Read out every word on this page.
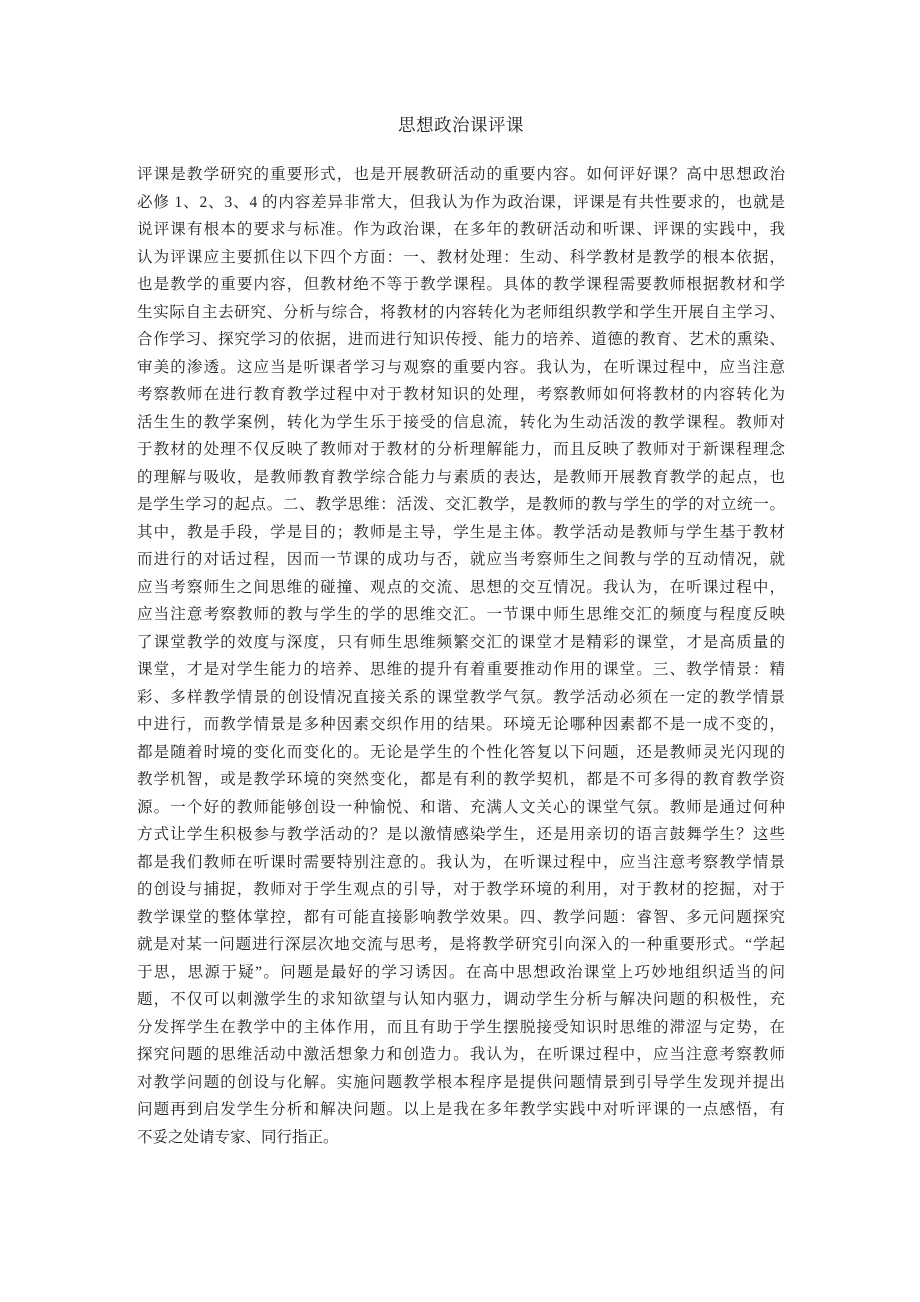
思想政治课评课
评课是教学研究的重要形式，也是开展教研活动的重要内容。如何评好课？高中思想政治
必修 1、2、3、4 的内容差异非常大，但我认为作为政治课，评课是有共性要求的，也就是
说评课有根本的要求与标准。作为政治课，在多年的教研活动和听课、评课的实践中，我
认为评课应主要抓住以下四个方面：一、教材处理：生动、科学教材是教学的根本依据，
也是教学的重要内容，但教材绝不等于教学课程。具体的教学课程需要教师根据教材和学
生实际自主去研究、分析与综合，将教材的内容转化为老师组织教学和学生开展自主学习、
合作学习、探究学习的依据，进而进行知识传授、能力的培养、道德的教育、艺术的熏染、
审美的渗透。这应当是听课者学习与观察的重要内容。我认为，在听课过程中，应当注意
考察教师在进行教育教学过程中对于教材知识的处理，考察教师如何将教材的内容转化为
活生生的教学案例，转化为学生乐于接受的信息流，转化为生动活泼的教学课程。教师对
于教材的处理不仅反映了教师对于教材的分析理解能力，而且反映了教师对于新课程理念
的理解与吸收，是教师教育教学综合能力与素质的表达，是教师开展教育教学的起点，也
是学生学习的起点。二、教学思维：活泼、交汇教学，是教师的教与学生的学的对立统一。
其中，教是手段，学是目的；教师是主导，学生是主体。教学活动是教师与学生基于教材
而进行的对话过程，因而一节课的成功与否，就应当考察师生之间教与学的互动情况，就
应当考察师生之间思维的碰撞、观点的交流、思想的交互情况。我认为，在听课过程中，
应当注意考察教师的教与学生的学的思维交汇。一节课中师生思维交汇的频度与程度反映
了课堂教学的效度与深度，只有师生思维频繁交汇的课堂才是精彩的课堂，才是高质量的
课堂，才是对学生能力的培养、思维的提升有着重要推动作用的课堂。三、教学情景：精
彩、多样教学情景的创设情况直接关系的课堂教学气氛。教学活动必须在一定的教学情景
中进行，而教学情景是多种因素交织作用的结果。环境无论哪种因素都不是一成不变的，
都是随着时境的变化而变化的。无论是学生的个性化答复以下问题，还是教师灵光闪现的
教学机智，或是教学环境的突然变化，都是有利的教学契机，都是不可多得的教育教学资
源。一个好的教师能够创设一种愉悦、和谐、充满人文关心的课堂气氛。教师是通过何种
方式让学生积极参与教学活动的？是以激情感染学生，还是用亲切的语言鼓舞学生？这些
都是我们教师在听课时需要特别注意的。我认为，在听课过程中，应当注意考察教学情景
的创设与捕捉，教师对于学生观点的引导，对于教学环境的利用，对于教材的挖掘，对于
教学课堂的整体掌控，都有可能直接影响教学效果。四、教学问题：睿智、多元问题探究
就是对某一问题进行深层次地交流与思考，是将教学研究引向深入的一种重要形式。“学起
于思，思源于疑”。问题是最好的学习诱因。在高中思想政治课堂上巧妙地组织适当的问
题，不仅可以刺激学生的求知欲望与认知内驱力，调动学生分析与解决问题的积极性，充
分发挥学生在教学中的主体作用，而且有助于学生摆脱接受知识时思维的滞涩与定势，在
探究问题的思维活动中激活想象力和创造力。我认为，在听课过程中，应当注意考察教师
对教学问题的创设与化解。实施问题教学根本程序是提供问题情景到引导学生发现并提出
问题再到启发学生分析和解决问题。以上是我在多年教学实践中对听评课的一点感悟，有
不妥之处请专家、同行指正。
